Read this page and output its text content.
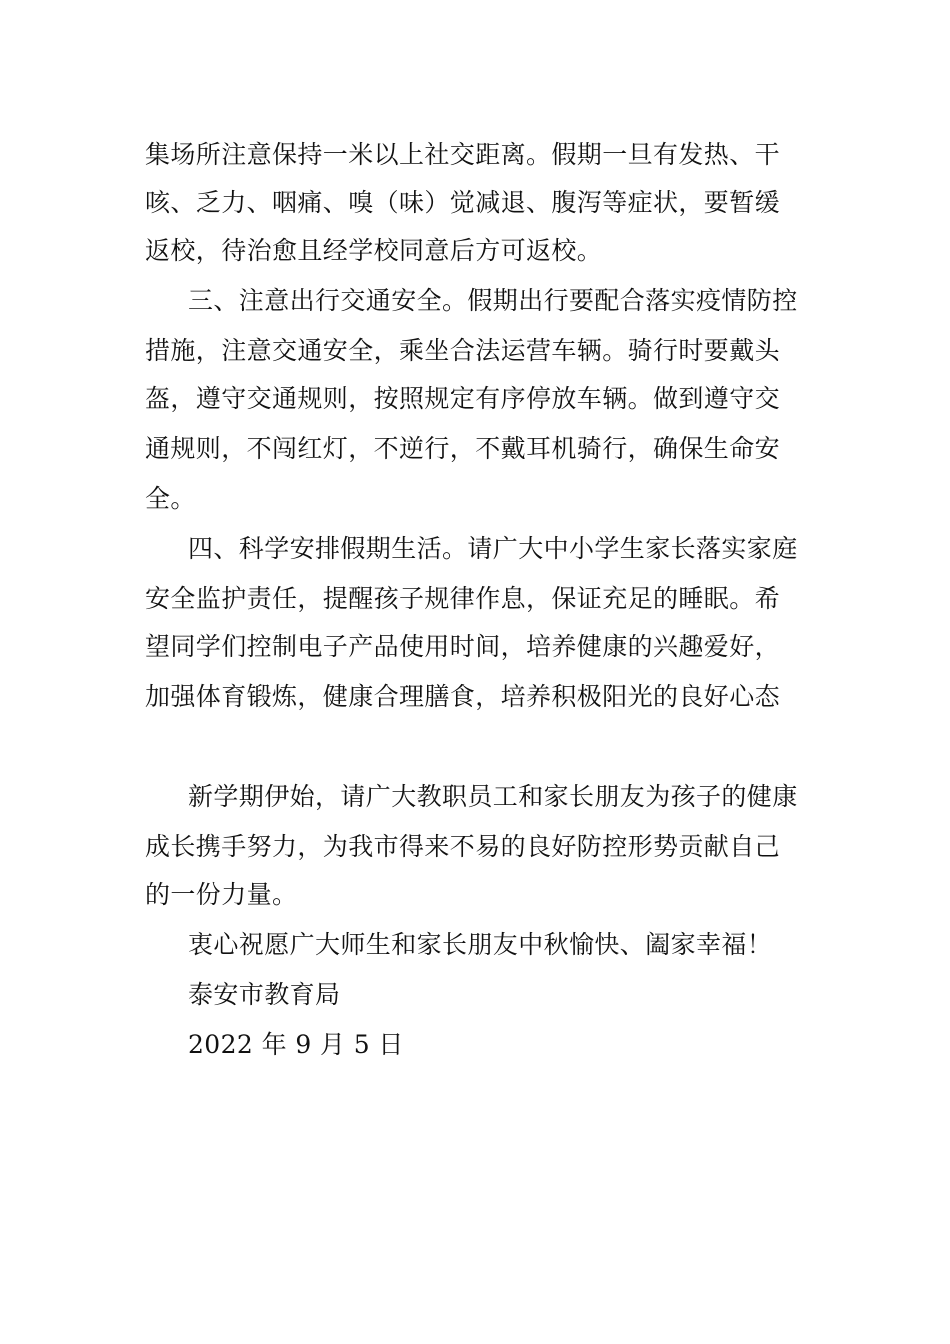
集场所注意保持一米以上社交距离。假期一旦有发热、干
咳、乏力、咽痛、嗅（味）觉减退、腹泻等症状，要暂缓
返校，待治愈且经学校同意后方可返校。
三、注意出行交通安全。假期出行要配合落实疫情防控
措施，注意交通安全，乘坐合法运营车辆。骑行时要戴头
盔，遵守交通规则，按照规定有序停放车辆。做到遵守交
通规则，不闯红灯，不逆行，不戴耳机骑行，确保生命安
全。
四、科学安排假期生活。请广大中小学生家长落实家庭
安全监护责任，提醒孩子规律作息，保证充足的睡眠。希
望同学们控制电子产品使用时间，培养健康的兴趣爱好，
加强体育锻炼，健康合理膳食，培养积极阳光的良好心态
新学期伊始，请广大教职员工和家长朋友为孩子的健康
成长携手努力，为我市得来不易的良好防控形势贡献自己
的一份力量。
衷心祝愿广大师生和家长朋友中秋愉快、阖家幸福！
泰安市教育局
2022 年 9 月 5 日
